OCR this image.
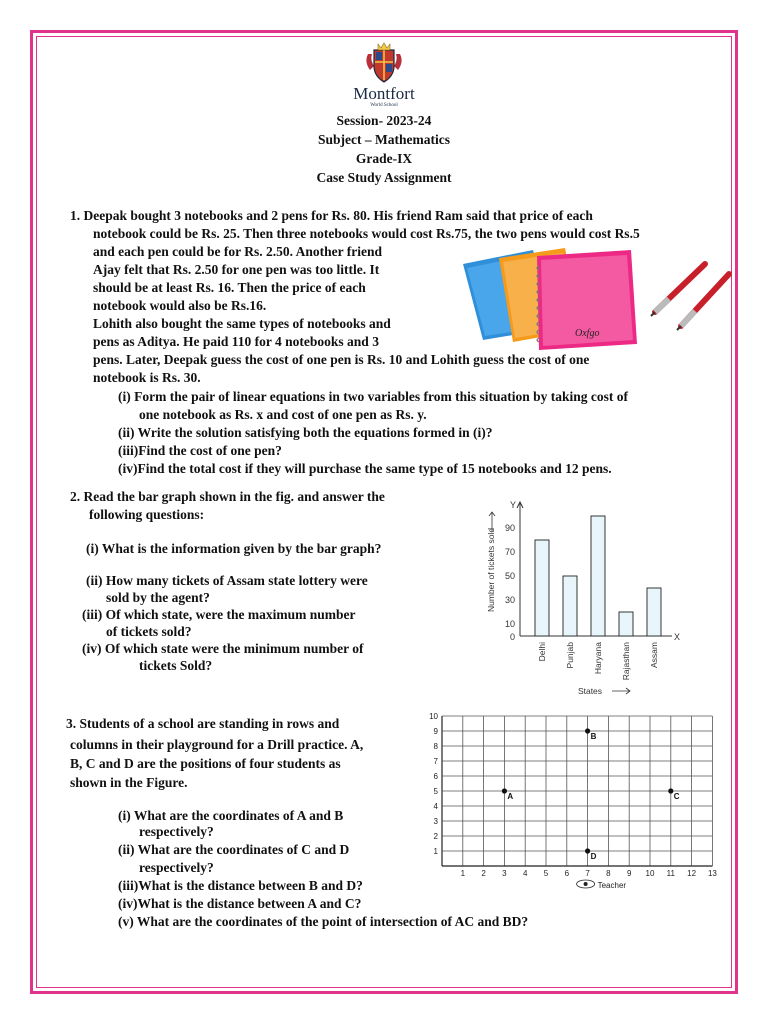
Montfort
World School
Session- 2023-24
Subject – Mathematics
Grade-IX
Case Study Assignment
1. Deepak bought 3 notebooks and 2 pens for Rs. 80. His friend Ram said that price of each
notebook could be Rs. 25. Then three notebooks would cost Rs.75, the two pens would cost Rs.5
and each pen could be for Rs. 2.50. Another friend
Ajay felt that Rs. 2.50 for one pen was too little. It
should be at least Rs. 16. Then the price of each
notebook would also be Rs.16.
Lohith also bought the same types of notebooks and
pens as Aditya. He paid 110 for 4 notebooks and 3
pens. Later, Deepak guess the cost of one pen is Rs. 10 and Lohith guess the cost of one
notebook is Rs. 30.
(i) Form the pair of linear equations in two variables from this situation by taking cost of
one notebook as Rs. x and cost of one pen as Rs. y.
(ii) Write the solution satisfying both the equations formed in (i)?
(iii)Find the cost of one pen?
(iv)Find the total cost if they will purchase the same type of 15 notebooks and 12 pens.
Oxfgo
2. Read the bar graph shown in the fig. and answer the
following questions:
(i) What is the information given by the bar graph?
(ii) How many tickets of Assam state lottery were
sold by the agent?
(iii) Of which state, were the maximum number
of tickets sold?
(iv) Of which state were the minimum number of
tickets Sold?
Y
X
0
10
30
50
70
90
Delhi Punjab Haryana Rajasthan Assam
Number of tickets sold
States
3. Students of a school are standing in rows and
columns in their playground for a Drill practice. A,
B, C and D are the positions of four students as
shown in the Figure.
(i) What are the coordinates of A and B
respectively?
(ii) What are the coordinates of C and D
respectively?
(iii)What is the distance between B and D?
(iv)What is the distance between A and C?
(v) What are the coordinates of the point of intersection of AC and BD?
1
2
3
4
5
6
7
8
9
10
1 2 3 4 5 6 7 8 9 10 11 12 13
A
B
C
D
Teacher
